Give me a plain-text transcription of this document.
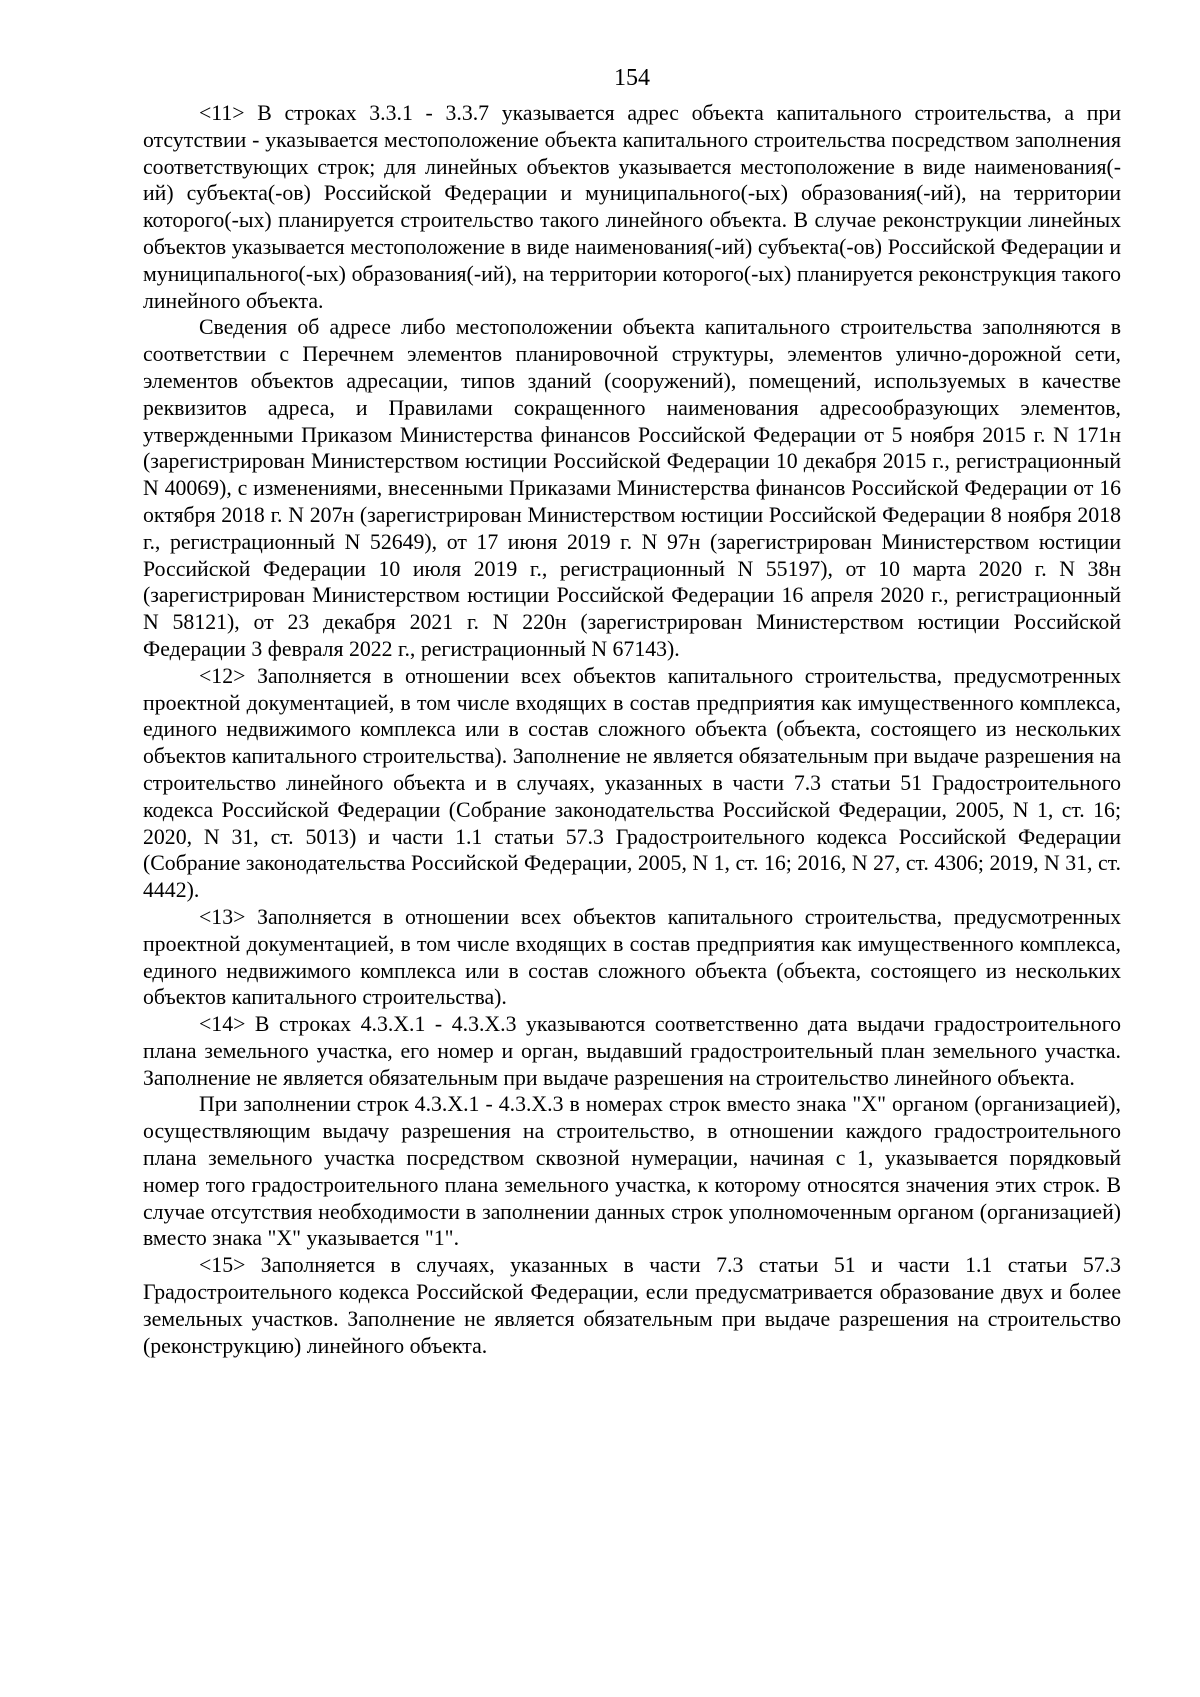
154

<11> В строках 3.3.1 - 3.3.7 указывается адрес объекта капитального строительства, а при отсутствии - указывается местоположение объекта капитального строительства посредством заполнения соответствующих строк; для линейных объектов указывается местоположение в виде наименования(-ий) субъекта(-ов) Российской Федерации и муниципального(-ых) образования(-ий), на территории которого(-ых) планируется строительство такого линейного объекта. В случае реконструкции линейных объектов указывается местоположение в виде наименования(-ий) субъекта(-ов) Российской Федерации и муниципального(-ых) образования(-ий), на территории которого(-ых) планируется реконструкция такого линейного объекта.

Сведения об адресе либо местоположении объекта капитального строительства заполняются в соответствии с Перечнем элементов планировочной структуры, элементов улично-дорожной сети, элементов объектов адресации, типов зданий (сооружений), помещений, используемых в качестве реквизитов адреса, и Правилами сокращенного наименования адресообразующих элементов, утвержденными Приказом Министерства финансов Российской Федерации от 5 ноября 2015 г. N 171н (зарегистрирован Министерством юстиции Российской Федерации 10 декабря 2015 г., регистрационный N 40069), с изменениями, внесенными Приказами Министерства финансов Российской Федерации от 16 октября 2018 г. N 207н (зарегистрирован Министерством юстиции Российской Федерации 8 ноября 2018 г., регистрационный N 52649), от 17 июня 2019 г. N 97н (зарегистрирован Министерством юстиции Российской Федерации 10 июля 2019 г., регистрационный N 55197), от 10 марта 2020 г. N 38н (зарегистрирован Министерством юстиции Российской Федерации 16 апреля 2020 г., регистрационный N 58121), от 23 декабря 2021 г. N 220н (зарегистрирован Министерством юстиции Российской Федерации 3 февраля 2022 г., регистрационный N 67143).

<12> Заполняется в отношении всех объектов капитального строительства, предусмотренных проектной документацией, в том числе входящих в состав предприятия как имущественного комплекса, единого недвижимого комплекса или в состав сложного объекта (объекта, состоящего из нескольких объектов капитального строительства). Заполнение не является обязательным при выдаче разрешения на строительство линейного объекта и в случаях, указанных в части 7.3 статьи 51 Градостроительного кодекса Российской Федерации (Собрание законодательства Российской Федерации, 2005, N 1, ст. 16; 2020, N 31, ст. 5013) и части 1.1 статьи 57.3 Градостроительного кодекса Российской Федерации (Собрание законодательства Российской Федерации, 2005, N 1, ст. 16; 2016, N 27, ст. 4306; 2019, N 31, ст. 4442).

<13> Заполняется в отношении всех объектов капитального строительства, предусмотренных проектной документацией, в том числе входящих в состав предприятия как имущественного комплекса, единого недвижимого комплекса или в состав сложного объекта (объекта, состоящего из нескольких объектов капитального строительства).

<14> В строках 4.3.X.1 - 4.3.X.3 указываются соответственно дата выдачи градостроительного плана земельного участка, его номер и орган, выдавший градостроительный план земельного участка. Заполнение не является обязательным при выдаче разрешения на строительство линейного объекта.

При заполнении строк 4.3.X.1 - 4.3.X.3 в номерах строк вместо знака "X" органом (организацией), осуществляющим выдачу разрешения на строительство, в отношении каждого градостроительного плана земельного участка посредством сквозной нумерации, начиная с 1, указывается порядковый номер того градостроительного плана земельного участка, к которому относятся значения этих строк. В случае отсутствия необходимости в заполнении данных строк уполномоченным органом (организацией) вместо знака "X" указывается "1".

<15> Заполняется в случаях, указанных в части 7.3 статьи 51 и части 1.1 статьи 57.3 Градостроительного кодекса Российской Федерации, если предусматривается образование двух и более земельных участков. Заполнение не является обязательным при выдаче разрешения на строительство (реконструкцию) линейного объекта.
